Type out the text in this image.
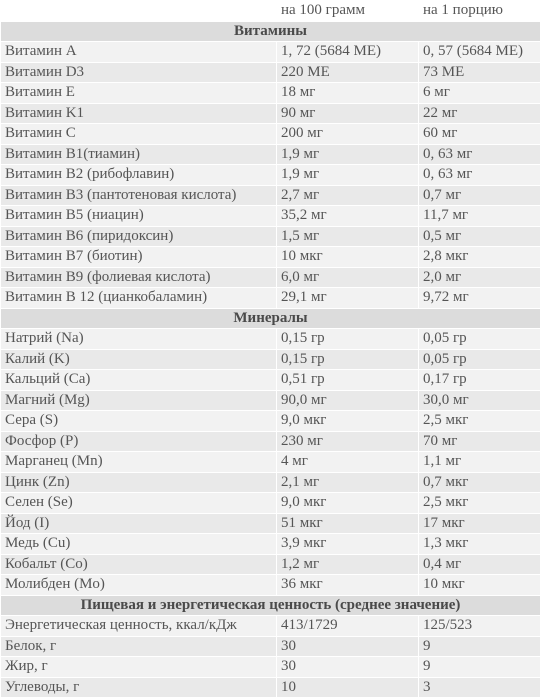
	на 100 грамм	на 1 порцию
Витамины		
Витамин A	1, 72 (5684 МЕ)	0, 57 (5684 МЕ)
Витамин D3	220 МЕ	73 МЕ
Витамин E	18 мг	6 мг
Витамин K1	90 мг	22 мг
Витамин C	200 мг	60 мг
Витамин B1(тиамин)	1,9 мг	0, 63 мг
Витамин B2 (рибофлавин)	1,9 мг	0, 63 мг
Витамин B3 (пантотеновая кислота)	2,7 мг	0,7 мг
Витамин B5 (ниацин)	35,2 мг	11,7 мг
Витамин B6 (пиридоксин)	1,5 мг	0,5 мг
Витамин B7 (биотин)	10 мкг	2,8 мкг
Витамин B9 (фолиевая кислота)	6,0 мг	2,0 мг
Витамин B 12 (цианкобаламин)	29,1 мг	9,72 мг
Минералы		
Натрий (Na)	0,15 гр	0,05 гр
Калий (K)	0,15 гр	0,05 гр
Кальций (Ca)	0,51 гр	0,17 гр
Магний (Mg)	90,0 мг	30,0 мг
Сера (S)	9,0 мкг	2,5 мкг
Фосфор (P)	230 мг	70 мг
Марганец (Mn)	4 мг	1,1 мг
Цинк (Zn)	2,1 мг	0,7 мкг
Селен (Se)	9,0 мкг	2,5 мкг
Йод (I)	51 мкг	17 мкг
Медь (Cu)	3,9 мкг	1,3 мкг
Кобальт (Co)	1,2 мг	0,4 мг
Молибден (Mo)	36 мкг	10 мкг
Пищевая и энергетическая ценность (среднее значение)		
Энергетическая ценность, ккал/кДж	413/1729	125/523
Белок, г	30	9
Жир, г	30	9
Углеводы, г	10	3
